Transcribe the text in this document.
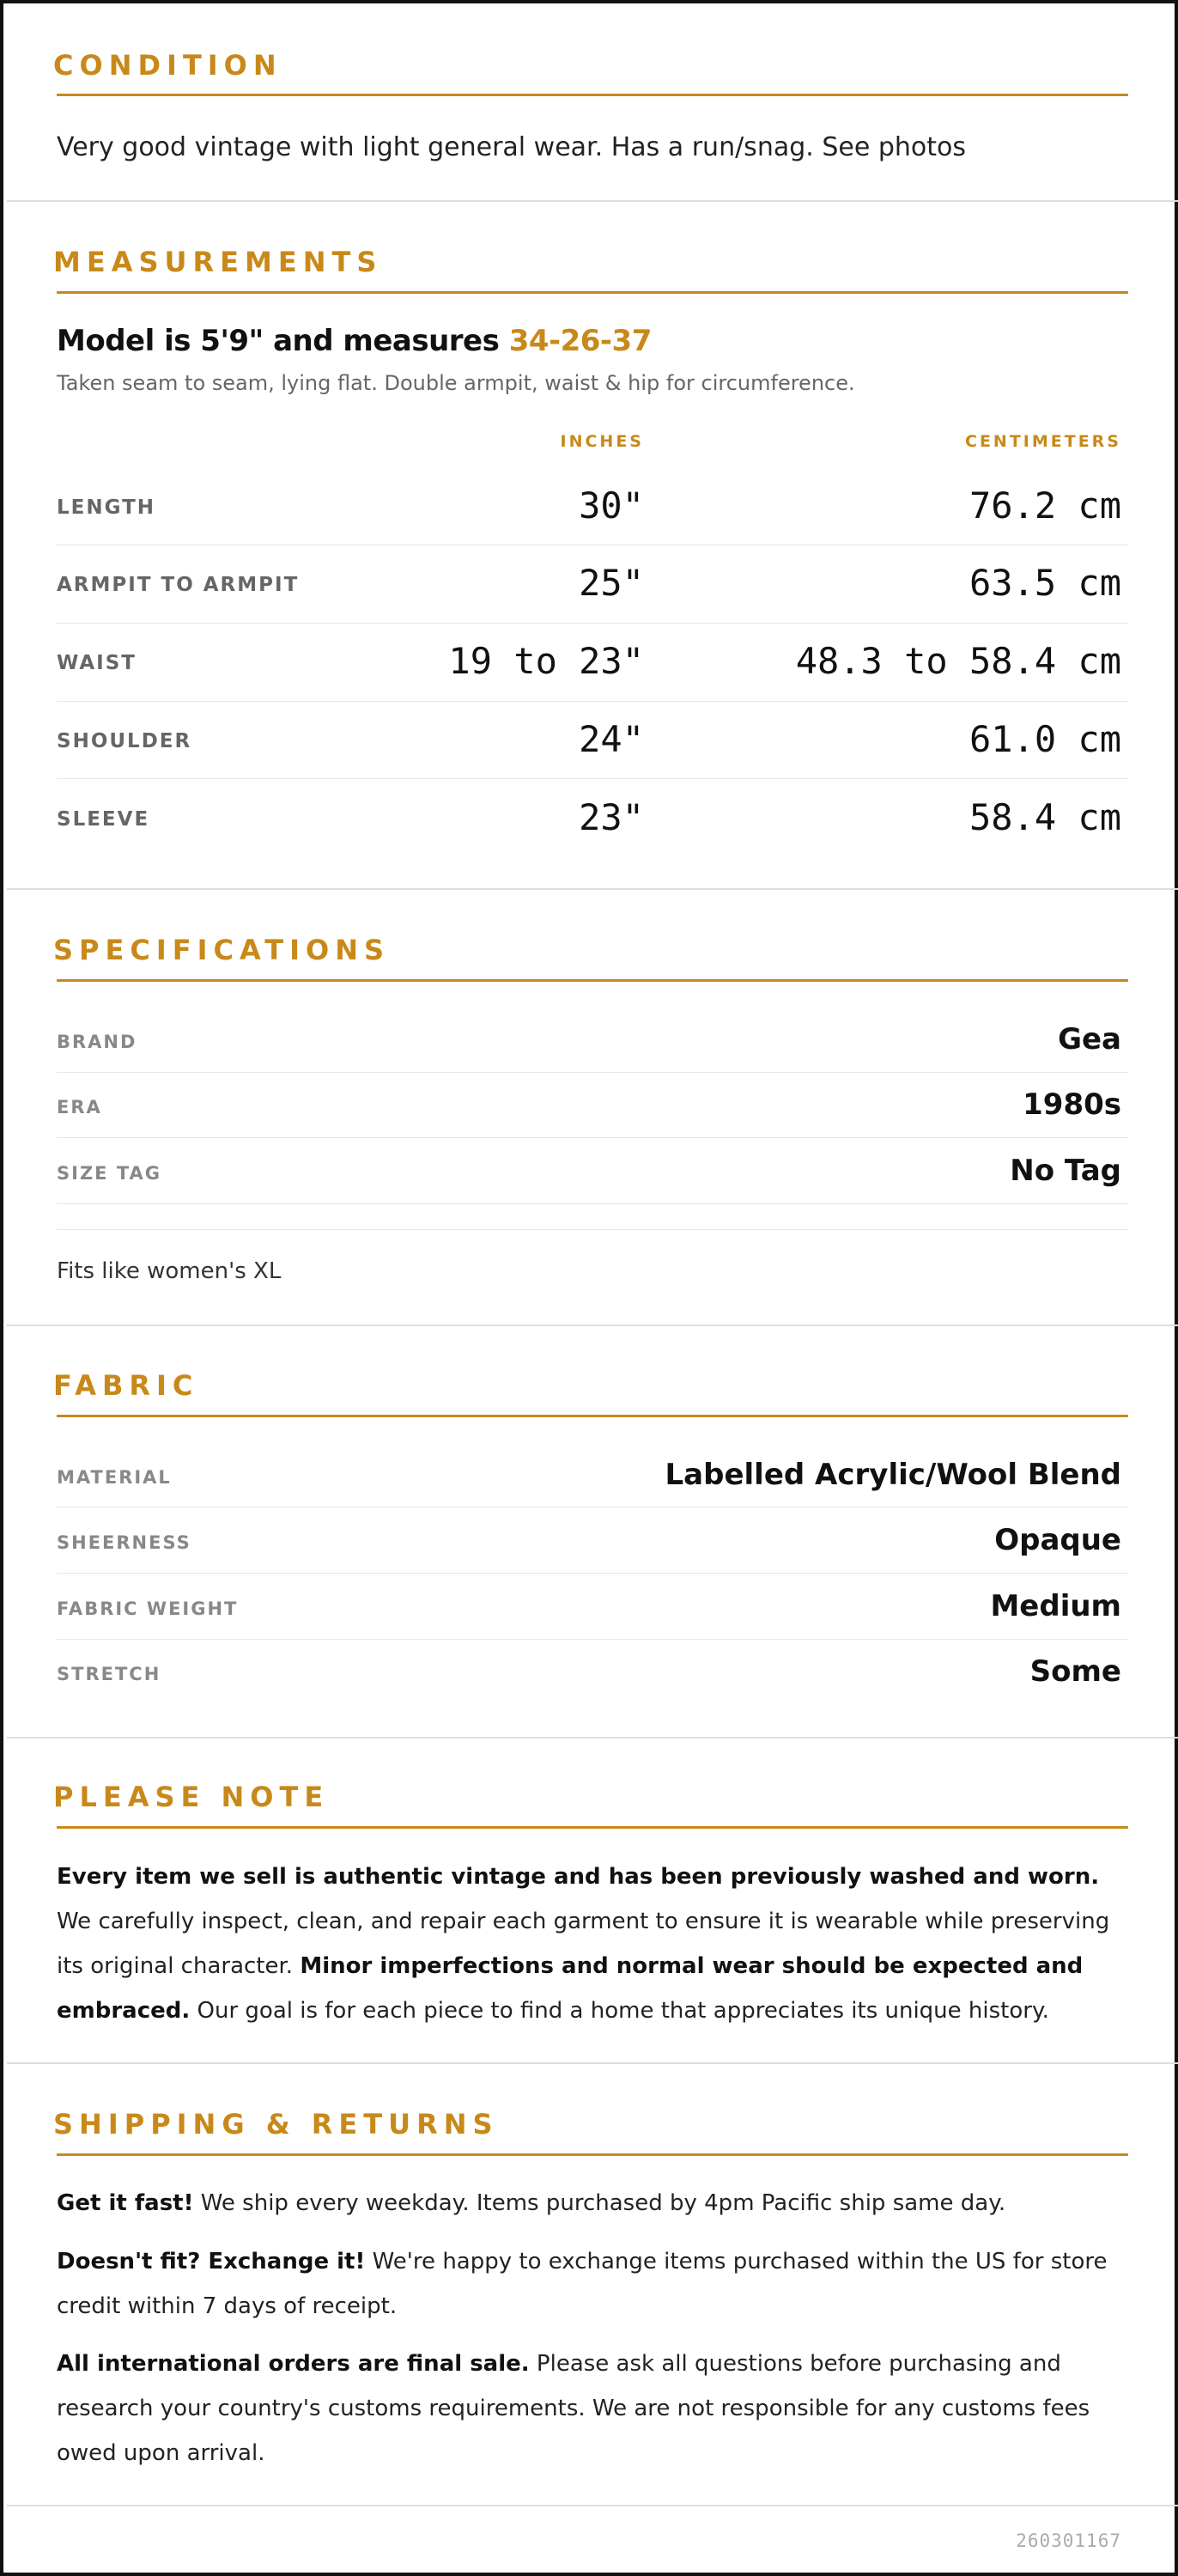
CONDITION
Very good vintage with light general wear. Has a run/snag. See photos
MEASUREMENTS
Model is 5'9" and measures 34-26-37
Taken seam to seam, lying flat. Double armpit, waist & hip for circumference.
INCHES	CENTIMETERS
LENGTH	30"	76.2 cm
ARMPIT TO ARMPIT	25"	63.5 cm
WAIST	19 to 23"	48.3 to 58.4 cm
SHOULDER	24"	61.0 cm
SLEEVE	23"	58.4 cm
SPECIFICATIONS
BRAND	Gea
ERA	1980s
SIZE TAG	No Tag
Fits like women's XL
FABRIC
MATERIAL	Labelled Acrylic/Wool Blend
SHEERNESS	Opaque
FABRIC WEIGHT	Medium
STRETCH	Some
PLEASE NOTE
Every item we sell is authentic vintage and has been previously washed and worn. We carefully inspect, clean, and repair each garment to ensure it is wearable while preserving its original character. Minor imperfections and normal wear should be expected and embraced. Our goal is for each piece to find a home that appreciates its unique history.
SHIPPING & RETURNS
Get it fast! We ship every weekday. Items purchased by 4pm Pacific ship same day.
Doesn't fit? Exchange it! We're happy to exchange items purchased within the US for store credit within 7 days of receipt.
All international orders are final sale. Please ask all questions before purchasing and research your country's customs requirements. We are not responsible for any customs fees owed upon arrival.
260301167
